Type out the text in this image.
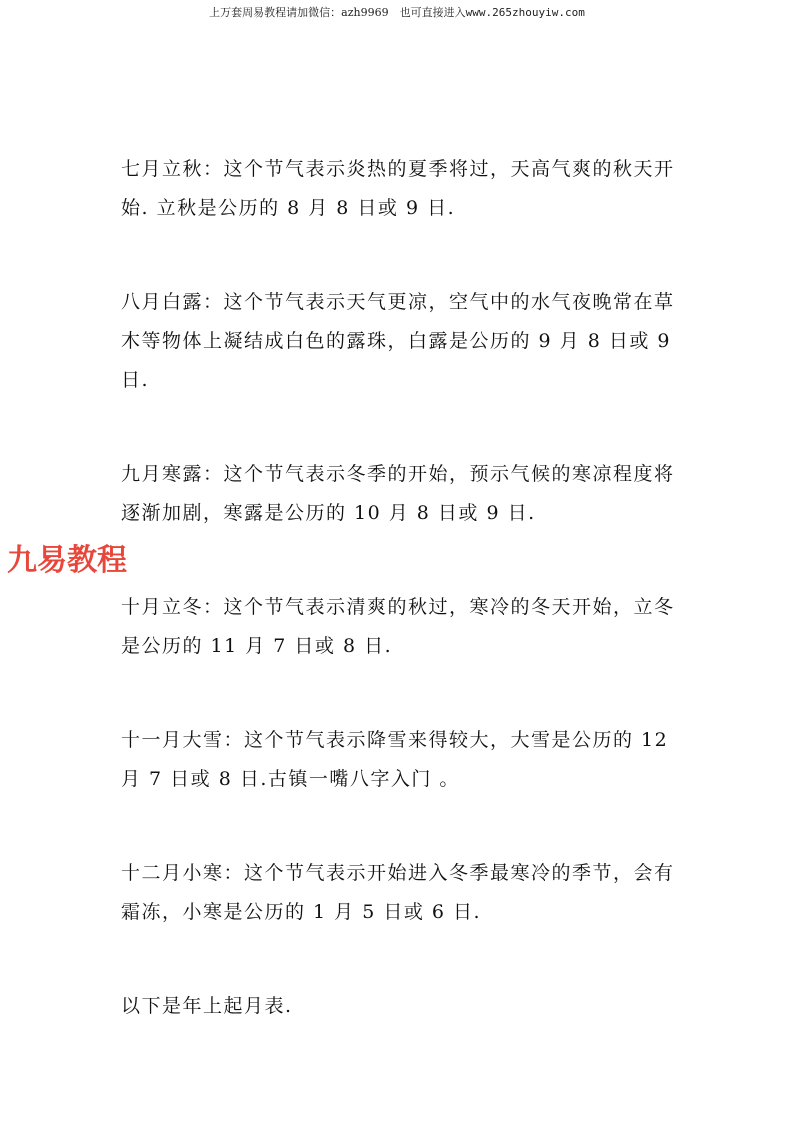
上万套周易教程请加微信：azh9969　也可直接进入www.265zhouyiw.com
九易教程

七月立秋：这个节气表示炎热的夏季将过，天高气爽的秋天开始. 立秋是公历的 8 月 8 日或 9 日.

八月白露：这个节气表示天气更凉，空气中的水气夜晚常在草木等物体上凝结成白色的露珠，白露是公历的 9 月 8 日或 9 日.

九月寒露：这个节气表示冬季的开始，预示气候的寒凉程度将逐渐加剧，寒露是公历的 10 月 8 日或 9 日.

十月立冬：这个节气表示清爽的秋过，寒冷的冬天开始，立冬是公历的 11 月 7 日或 8 日.

十一月大雪：这个节气表示降雪来得较大，大雪是公历的 12 月 7 日或 8 日.古镇一嘴八字入门 。

十二月小寒：这个节气表示开始进入冬季最寒冷的季节，会有霜冻，小寒是公历的 1 月 5 日或 6 日.

以下是年上起月表.
